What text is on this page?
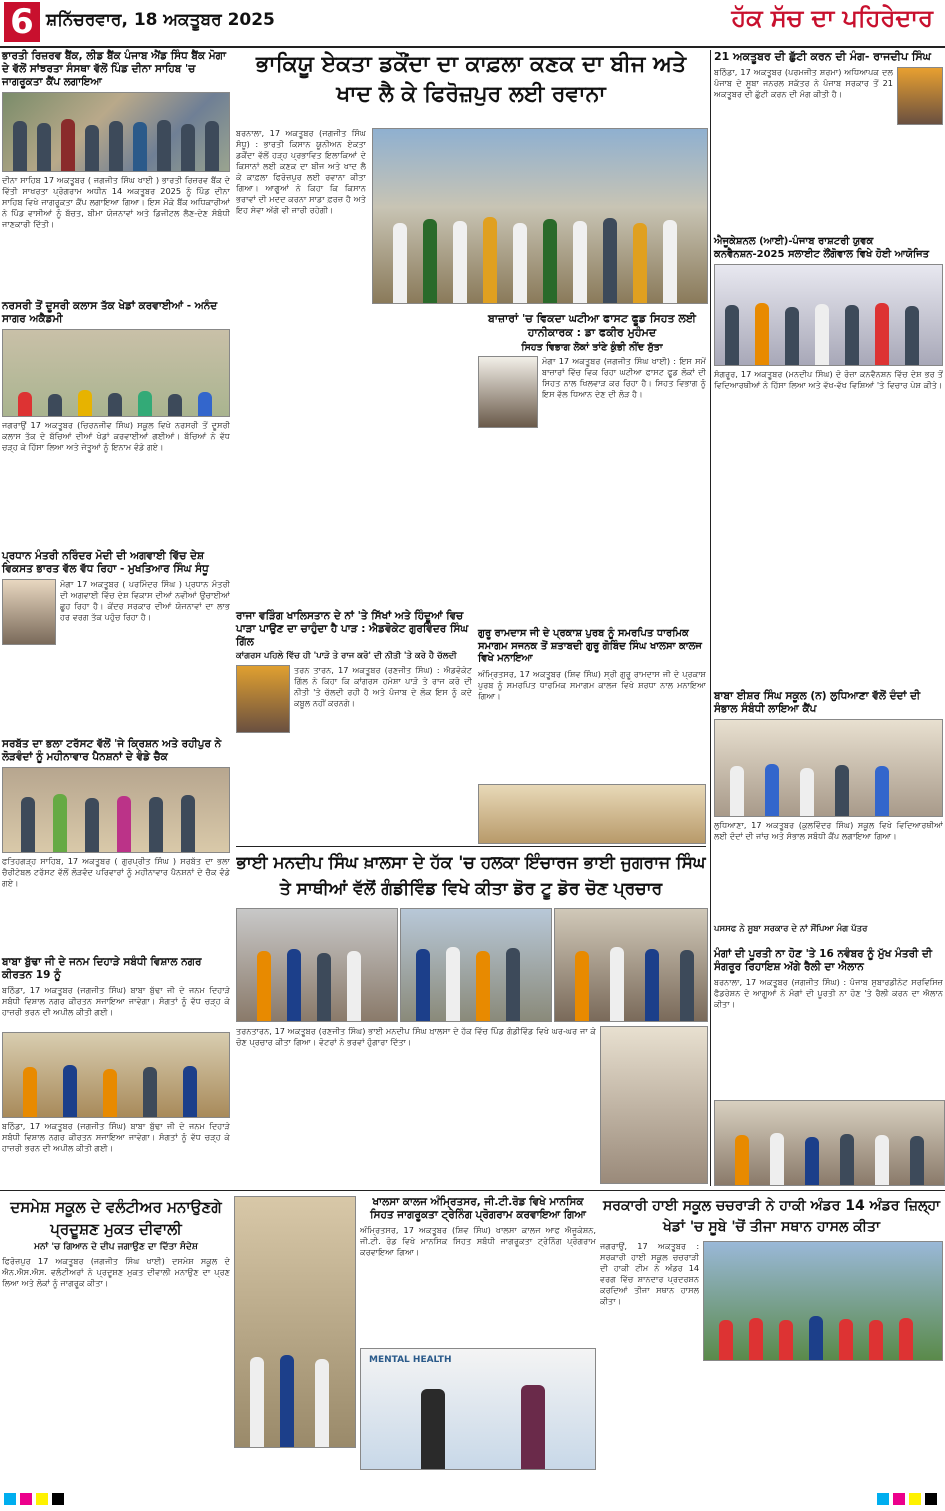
6 ਸ਼ਨਿੱਚਰਵਾਰ, 18 ਅਕਤੂਬਰ 2025	ਹੱਕ ਸੱਚ ਦਾ ਪਹਿਰੇਦਾਰ
ਭਾਰਤੀ ਰਿਜ਼ਰਵ ਬੈਂਕ, ਲੀਡ ਬੈਂਕ ਪੰਜਾਬ ਐਂਡ ਸਿੰਧ ਬੈਂਕ ਮੋਗਾ ਦੇ ਵੱਲੋਂ ਸਾਂਝਰਤਾ ਸੰਸਥਾ ਵੱਲੋਂ ਪਿੰਡ ਦੀਨਾ ਸਾਹਿਬ 'ਚ ਜਾਗਰੂਕਤਾ ਕੈਂਪ ਲਗਾਇਆ
ਦੀਨਾ ਸਾਹਿਬ 17 ਅਕਤੂਬਰ ( ਜਗਜੀਤ ਸਿੰਘ ਖਾਈ ) ਭਾਰਤੀ ਰਿਜ਼ਰਵ ਬੈਂਕ ਦੇ ਵਿੱਤੀ ਸਾਖਰਤਾ ਪ੍ਰੋਗਰਾਮ ਅਧੀਨ 14 ਅਕਤੂਬਰ 2025 ਨੂੰ ਪਿੰਡ ਦੀਨਾ ਸਾਹਿਬ ਵਿਖੇ ਜਾਗਰੂਕਤਾ ਕੈਂਪ ਲਗਾਇਆ ਗਿਆ। ਇਸ ਮੌਕੇ ਬੈਂਕ ਅਧਿਕਾਰੀਆਂ ਨੇ ਪਿੰਡ ਵਾਸੀਆਂ ਨੂੰ ਬੱਚਤ, ਬੀਮਾ ਯੋਜਨਾਵਾਂ ਅਤੇ ਡਿਜੀਟਲ ਲੈਣ-ਦੇਣ ਸੰਬੰਧੀ ਜਾਣਕਾਰੀ ਦਿੱਤੀ।
ਨਰਸਰੀ ਤੋਂ ਦੂਸਰੀ ਕਲਾਸ ਤੱਕ ਖੇਡਾਂ ਕਰਵਾਈਆਂ - ਅਨੰਦ ਸਾਗਰ ਅਕੈਡਮੀ
ਜਗਰਾਉਂ 17 ਅਕਤੂਬਰ (ਚਿਰਨਜੀਵ ਸਿੰਘ) ਸਕੂਲ ਵਿਖੇ ਨਰਸਰੀ ਤੋਂ ਦੂਸਰੀ ਕਲਾਸ ਤੱਕ ਦੇ ਬੱਚਿਆਂ ਦੀਆਂ ਖੇਡਾਂ ਕਰਵਾਈਆਂ ਗਈਆਂ। ਬੱਚਿਆਂ ਨੇ ਵੱਧ ਚੜ੍ਹ ਕੇ ਹਿੱਸਾ ਲਿਆ ਅਤੇ ਜੇਤੂਆਂ ਨੂੰ ਇਨਾਮ ਵੰਡੇ ਗਏ।
ਪ੍ਰਧਾਨ ਮੰਤਰੀ ਨਰਿੰਦਰ ਮੋਦੀ ਦੀ ਅਗਵਾਈ ਵਿੱਚ ਦੇਸ਼ ਵਿਕਸਤ ਭਾਰਤ ਵੱਲ ਵੱਧ ਰਿਹਾ - ਮੁਖਤਿਆਰ ਸਿੰਘ ਸੰਧੂ
ਮੋਗਾ 17 ਅਕਤੂਬਰ ( ਪਰਮਿੰਦਰ ਸਿੰਘ ) ਪ੍ਰਧਾਨ ਮੰਤਰੀ ਦੀ ਅਗਵਾਈ ਵਿੱਚ ਦੇਸ਼ ਵਿਕਾਸ ਦੀਆਂ ਨਵੀਆਂ ਉਚਾਈਆਂ ਛੂਹ ਰਿਹਾ ਹੈ। ਕੇਂਦਰ ਸਰਕਾਰ ਦੀਆਂ ਯੋਜਨਾਵਾਂ ਦਾ ਲਾਭ ਹਰ ਵਰਗ ਤੱਕ ਪਹੁੰਚ ਰਿਹਾ ਹੈ।
ਸਰਬੱਤ ਦਾ ਭਲਾ ਟਰੱਸਟ ਵੱਲੋਂ 'ਜੇ ਕ੍ਰਿਸ਼ਨ ਅਤੇ ਰਹੀਪੁਰ ਨੇ ਲੋੜਵੰਦਾਂ ਨੂੰ ਮਹੀਨਾਵਾਰ ਪੈਨਸ਼ਨਾਂ ਦੇ ਵੰਡੇ ਚੈਕ
ਫਤਿਹਗੜ੍ਹ ਸਾਹਿਬ, 17 ਅਕਤੂਬਰ ( ਗੁਰਪ੍ਰੀਤ ਸਿੰਘ ) ਸਰਬੱਤ ਦਾ ਭਲਾ ਚੈਰੀਟੇਬਲ ਟਰੱਸਟ ਵੱਲੋਂ ਲੋੜਵੰਦ ਪਰਿਵਾਰਾਂ ਨੂੰ ਮਹੀਨਾਵਾਰ ਪੈਨਸ਼ਨਾਂ ਦੇ ਚੈਕ ਵੰਡੇ ਗਏ।
ਬਾਬਾ ਬੁੱਢਾ ਜੀ ਦੇ ਜਨਮ ਦਿਹਾੜੇ ਸਬੰਧੀ ਵਿਸ਼ਾਲ ਨਗਰ ਕੀਰਤਨ 19 ਨੂੰ
ਬਠਿੰਡਾ, 17 ਅਕਤੂਬਰ (ਜਗਜੀਤ ਸਿੰਘ) ਬਾਬਾ ਬੁੱਢਾ ਜੀ ਦੇ ਜਨਮ ਦਿਹਾੜੇ ਸਬੰਧੀ ਵਿਸ਼ਾਲ ਨਗਰ ਕੀਰਤਨ ਸਜਾਇਆ ਜਾਵੇਗਾ। ਸੰਗਤਾਂ ਨੂੰ ਵੱਧ ਚੜ੍ਹ ਕੇ ਹਾਜ਼ਰੀ ਭਰਨ ਦੀ ਅਪੀਲ ਕੀਤੀ ਗਈ।
ਬਠਿੰਡਾ, 17 ਅਕਤੂਬਰ (ਜਗਜੀਤ ਸਿੰਘ) ਬਾਬਾ ਬੁੱਢਾ ਜੀ ਦੇ ਜਨਮ ਦਿਹਾੜੇ ਸਬੰਧੀ ਵਿਸ਼ਾਲ ਨਗਰ ਕੀਰਤਨ ਸਜਾਇਆ ਜਾਵੇਗਾ। ਸੰਗਤਾਂ ਨੂੰ ਵੱਧ ਚੜ੍ਹ ਕੇ ਹਾਜ਼ਰੀ ਭਰਨ ਦੀ ਅਪੀਲ ਕੀਤੀ ਗਈ।
ਭਾਕਿਯੂ ਏਕਤਾ ਡਕੌਂਦਾ ਦਾ ਕਾਫ਼ਲਾ ਕਣਕ ਦਾ ਬੀਜ ਅਤੇ ਖਾਦ ਲੈ ਕੇ ਫਿਰੋਜ਼ਪੁਰ ਲਈ ਰਵਾਨਾ
ਬਰਨਾਲਾ, 17 ਅਕਤੂਬਰ (ਜਗਜੀਤ ਸਿੰਘ ਸੰਧੂ) : ਭਾਰਤੀ ਕਿਸਾਨ ਯੂਨੀਅਨ ਏਕਤਾ ਡਕੌਂਦਾ ਵੱਲੋਂ ਹੜ੍ਹ ਪ੍ਰਭਾਵਿਤ ਇਲਾਕਿਆਂ ਦੇ ਕਿਸਾਨਾਂ ਲਈ ਕਣਕ ਦਾ ਬੀਜ ਅਤੇ ਖਾਦ ਲੈ ਕੇ ਕਾਫ਼ਲਾ ਫਿਰੋਜ਼ਪੁਰ ਲਈ ਰਵਾਨਾ ਕੀਤਾ ਗਿਆ। ਆਗੂਆਂ ਨੇ ਕਿਹਾ ਕਿ ਕਿਸਾਨ ਭਰਾਵਾਂ ਦੀ ਮਦਦ ਕਰਨਾ ਸਾਡਾ ਫ਼ਰਜ਼ ਹੈ ਅਤੇ ਇਹ ਸੇਵਾ ਅੱਗੇ ਵੀ ਜਾਰੀ ਰਹੇਗੀ।
ਬਾਜ਼ਾਰਾਂ 'ਚ ਵਿਕਦਾ ਘਟੀਆ ਫਾਸਟ ਫੂਡ ਸਿਹਤ ਲਈ ਹਾਨੀਕਾਰਕ : ਡਾ ਫਕੀਰ ਮੁਹੰਮਦ
ਸਿਹਤ ਵਿਭਾਗ ਲੋਕਾਂ ਤਾਂਣੇ ਕੁੰਭੀ ਨੀਂਦ ਸੁੱਤਾ
ਮੋਗਾ 17 ਅਕਤੂਬਰ (ਜਗਜੀਤ ਸਿੰਘ ਖਾਈ) : ਇਸ ਸਮੇਂ ਬਾਜ਼ਾਰਾਂ ਵਿੱਚ ਵਿਕ ਰਿਹਾ ਘਟੀਆ ਫਾਸਟ ਫੂਡ ਲੋਕਾਂ ਦੀ ਸਿਹਤ ਨਾਲ ਖਿਲਵਾੜ ਕਰ ਰਿਹਾ ਹੈ। ਸਿਹਤ ਵਿਭਾਗ ਨੂੰ ਇਸ ਵੱਲ ਧਿਆਨ ਦੇਣ ਦੀ ਲੋੜ ਹੈ।
ਗੁਰੂ ਰਾਮਦਾਸ ਜੀ ਦੇ ਪ੍ਰਕਾਸ਼ ਪੁਰਬ ਨੂੰ ਸਮਰਪਿਤ ਧਾਰਮਿਕ ਸਮਾਗਮ ਸਜਨਕ ਤੋਂ ਸ਼ਤਾਬਦੀ ਗੁਰੂ ਗੋਬਿੰਦ ਸਿੰਘ ਖਾਲਸਾ ਕਾਲਜ ਵਿਖੇ ਮਨਾਇਆ
ਅੰਮ੍ਰਿਤਸਰ, 17 ਅਕਤੂਬਰ (ਸ਼ਿਵ ਸਿੰਘ) ਸ੍ਰੀ ਗੁਰੂ ਰਾਮਦਾਸ ਜੀ ਦੇ ਪ੍ਰਕਾਸ਼ ਪੁਰਬ ਨੂੰ ਸਮਰਪਿਤ ਧਾਰਮਿਕ ਸਮਾਗਮ ਕਾਲਜ ਵਿਖੇ ਸ਼ਰਧਾ ਨਾਲ ਮਨਾਇਆ ਗਿਆ।
ਰਾਜਾ ਵੜਿੰਗ ਖਾਲਿਸਤਾਨ ਦੇ ਨਾਂ 'ਤੇ ਸਿੱਖਾਂ ਅਤੇ ਹਿੰਦੂਆਂ ਵਿਚ ਪਾੜਾ ਪਾਉਣ ਦਾ ਚਾਹੁੰਦਾ ਹੈ ਪਾੜ : ਐਡਵੋਕੇਟ ਗੁਰਵਿੰਦਰ ਸਿੰਘ ਗਿੱਲ
ਕਾਂਗਰਸ ਪਹਿਲੇ ਵਿੱਚ ਹੀ 'ਪਾੜੋ ਤੇ ਰਾਜ ਕਰੋ' ਦੀ ਨੀਤੀ 'ਤੇ ਕਰੇ ਹੈ ਚੱਲਦੀ
ਤਰਨ ਤਾਰਨ, 17 ਅਕਤੂਬਰ (ਰਣਜੀਤ ਸਿੰਘ) : ਐਡਵੋਕੇਟ ਗਿੱਲ ਨੇ ਕਿਹਾ ਕਿ ਕਾਂਗਰਸ ਹਮੇਸ਼ਾ ਪਾੜੋ ਤੇ ਰਾਜ ਕਰੋ ਦੀ ਨੀਤੀ 'ਤੇ ਚੱਲਦੀ ਰਹੀ ਹੈ ਅਤੇ ਪੰਜਾਬ ਦੇ ਲੋਕ ਇਸ ਨੂੰ ਕਦੇ ਕਬੂਲ ਨਹੀਂ ਕਰਨਗੇ।
ਭਾਈ ਮਨਦੀਪ ਸਿੰਘ ਖ਼ਾਲਸਾ ਦੇ ਹੱਕ 'ਚ ਹਲਕਾ ਇੰਚਾਰਜ ਭਾਈ ਜੁਗਰਾਜ ਸਿੰਘ ਤੇ ਸਾਥੀਆਂ ਵੱਲੋਂ ਗੰਡੀਵਿੰਡ ਵਿਖੇ ਕੀਤਾ ਡੋਰ ਟੂ ਡੋਰ ਚੋਣ ਪ੍ਰਚਾਰ
ਤਰਨਤਾਰਨ, 17 ਅਕਤੂਬਰ (ਰਣਜੀਤ ਸਿੰਘ) ਭਾਈ ਮਨਦੀਪ ਸਿੰਘ ਖ਼ਾਲਸਾ ਦੇ ਹੱਕ ਵਿੱਚ ਪਿੰਡ ਗੰਡੀਵਿੰਡ ਵਿਖੇ ਘਰ-ਘਰ ਜਾ ਕੇ ਚੋਣ ਪ੍ਰਚਾਰ ਕੀਤਾ ਗਿਆ। ਵੋਟਰਾਂ ਨੇ ਭਰਵਾਂ ਹੁੰਗਾਰਾ ਦਿੱਤਾ।
ਦਸਮੇਸ਼ ਸਕੂਲ ਦੇ ਵਲੰਟੀਅਰ ਮਨਾਉਣਗੇ ਪ੍ਰਦੂਸ਼ਣ ਮੁਕਤ ਦੀਵਾਲੀ
ਮਨਾਂ 'ਚ ਗਿਆਨ ਦੇ ਦੀਪ ਜਗਾਉਣ ਦਾ ਦਿੱਤਾ ਸੰਦੇਸ਼
ਫਿਰੋਜ਼ਪੁਰ 17 ਅਕਤੂਬਰ (ਜਗਜੀਤ ਸਿੰਘ ਖਾਈ) ਦਸਮੇਸ਼ ਸਕੂਲ ਦੇ ਐਨ.ਐਸ.ਐਸ. ਵਲੰਟੀਅਰਾਂ ਨੇ ਪ੍ਰਦੂਸ਼ਣ ਮੁਕਤ ਦੀਵਾਲੀ ਮਨਾਉਣ ਦਾ ਪ੍ਰਣ ਲਿਆ ਅਤੇ ਲੋਕਾਂ ਨੂੰ ਜਾਗਰੂਕ ਕੀਤਾ।
ਖਾਲਸਾ ਕਾਲਜ ਅੰਮ੍ਰਿਤਸਰ, ਜੀ.ਟੀ.ਰੋਡ ਵਿਖੇ ਮਾਨਸਿਕ ਸਿਹਤ ਜਾਗਰੂਕਤਾ ਟ੍ਰੇਨਿੰਗ ਪ੍ਰੋਗਰਾਮ ਕਰਵਾਇਆ ਗਿਆ
ਅੰਮ੍ਰਿਤਸਰ, 17 ਅਕਤੂਬਰ (ਸ਼ਿਵ ਸਿੰਘ) ਖਾਲਸਾ ਕਾਲਜ ਆਫ ਐਜੂਕੇਸ਼ਨ, ਜੀ.ਟੀ. ਰੋਡ ਵਿਖੇ ਮਾਨਸਿਕ ਸਿਹਤ ਸਬੰਧੀ ਜਾਗਰੂਕਤਾ ਟ੍ਰੇਨਿੰਗ ਪ੍ਰੋਗਰਾਮ ਕਰਵਾਇਆ ਗਿਆ।
MENTAL HEALTH
ਸਰਕਾਰੀ ਹਾਈ ਸਕੂਲ ਚਚਰਾੜੀ ਨੇ ਹਾਕੀ ਅੰਡਰ 14 ਅੰਡਰ ਜ਼ਿਲ੍ਹਾ ਖੇਡਾਂ 'ਚ ਸੂਬੇ 'ਚੋਂ ਤੀਜਾ ਸਥਾਨ ਹਾਸਲ ਕੀਤਾ
ਜਗਰਾਉਂ, 17 ਅਕਤੂਬਰ : ਸਰਕਾਰੀ ਹਾਈ ਸਕੂਲ ਚਚਰਾੜੀ ਦੀ ਹਾਕੀ ਟੀਮ ਨੇ ਅੰਡਰ 14 ਵਰਗ ਵਿੱਚ ਸ਼ਾਨਦਾਰ ਪ੍ਰਦਰਸ਼ਨ ਕਰਦਿਆਂ ਤੀਜਾ ਸਥਾਨ ਹਾਸਲ ਕੀਤਾ।
21 ਅਕਤੂਬਰ ਦੀ ਛੁੱਟੀ ਕਰਨ ਦੀ ਮੰਗ- ਰਾਜਦੀਪ ਸਿੰਘ
ਬਠਿੰਡਾ, 17 ਅਕਤੂਬਰ (ਪਰਮਜੀਤ ਸ਼ਰਮਾ) ਅਧਿਆਪਕ ਦਲ ਪੰਜਾਬ ਦੇ ਸੂਬਾ ਜਨਰਲ ਸਕੱਤਰ ਨੇ ਪੰਜਾਬ ਸਰਕਾਰ ਤੋਂ 21 ਅਕਤੂਬਰ ਦੀ ਛੁੱਟੀ ਕਰਨ ਦੀ ਮੰਗ ਕੀਤੀ ਹੈ।
ਐਜੂਕੇਸ਼ਨਲ (ਆਈ)-ਪੰਜਾਬ ਰਾਸ਼ਟਰੀ ਯੁਵਕ ਕਨਵੈਨਸ਼ਨ-2025 ਸਲਾਈਟ ਲੌਂਗੋਵਾਲ ਵਿਖੇ ਹੋਈ ਆਯੋਜਿਤ
ਸੰਗਰੂਰ, 17 ਅਕਤੂਬਰ (ਮਨਦੀਪ ਸਿੰਘ) ਦੋ ਰੋਜ਼ਾ ਕਨਵੈਨਸ਼ਨ ਵਿੱਚ ਦੇਸ਼ ਭਰ ਤੋਂ ਵਿਦਿਆਰਥੀਆਂ ਨੇ ਹਿੱਸਾ ਲਿਆ ਅਤੇ ਵੱਖ-ਵੱਖ ਵਿਸ਼ਿਆਂ 'ਤੇ ਵਿਚਾਰ ਪੇਸ਼ ਕੀਤੇ।
ਬਾਬਾ ਈਸ਼ਰ ਸਿੰਘ ਸਕੂਲ (ਨ) ਲੁਧਿਆਣਾ ਵੱਲੋਂ ਦੰਦਾਂ ਦੀ ਸੰਭਾਲ ਸੰਬੰਧੀ ਲਾਇਆ ਕੈਂਪ
ਲੁਧਿਆਣਾ, 17 ਅਕਤੂਬਰ (ਕੁਲਵਿੰਦਰ ਸਿੰਘ) ਸਕੂਲ ਵਿਖੇ ਵਿਦਿਆਰਥੀਆਂ ਲਈ ਦੰਦਾਂ ਦੀ ਜਾਂਚ ਅਤੇ ਸੰਭਾਲ ਸਬੰਧੀ ਕੈਂਪ ਲਗਾਇਆ ਗਿਆ।
ਪਸਸਫ ਨੇ ਸੂਬਾ ਸਰਕਾਰ ਦੇ ਨਾਂ ਸੌਂਪਿਆ ਮੰਗ ਪੱਤਰ
ਮੰਗਾਂ ਦੀ ਪੂਰਤੀ ਨਾ ਹੋਣ 'ਤੇ 16 ਨਵੰਬਰ ਨੂੰ ਮੁੱਖ ਮੰਤਰੀ ਦੀ ਸੰਗਰੂਰ ਰਿਹਾਇਸ਼ ਅੱਗੇ ਰੈਲੀ ਦਾ ਐਲਾਨ
ਬਰਨਾਲਾ, 17 ਅਕਤੂਬਰ (ਜਗਜੀਤ ਸਿੰਘ) : ਪੰਜਾਬ ਸੁਬਾਰਡੀਨੇਟ ਸਰਵਿਸਿਜ਼ ਫੈਡਰੇਸ਼ਨ ਦੇ ਆਗੂਆਂ ਨੇ ਮੰਗਾਂ ਦੀ ਪੂਰਤੀ ਨਾ ਹੋਣ 'ਤੇ ਰੈਲੀ ਕਰਨ ਦਾ ਐਲਾਨ ਕੀਤਾ।
